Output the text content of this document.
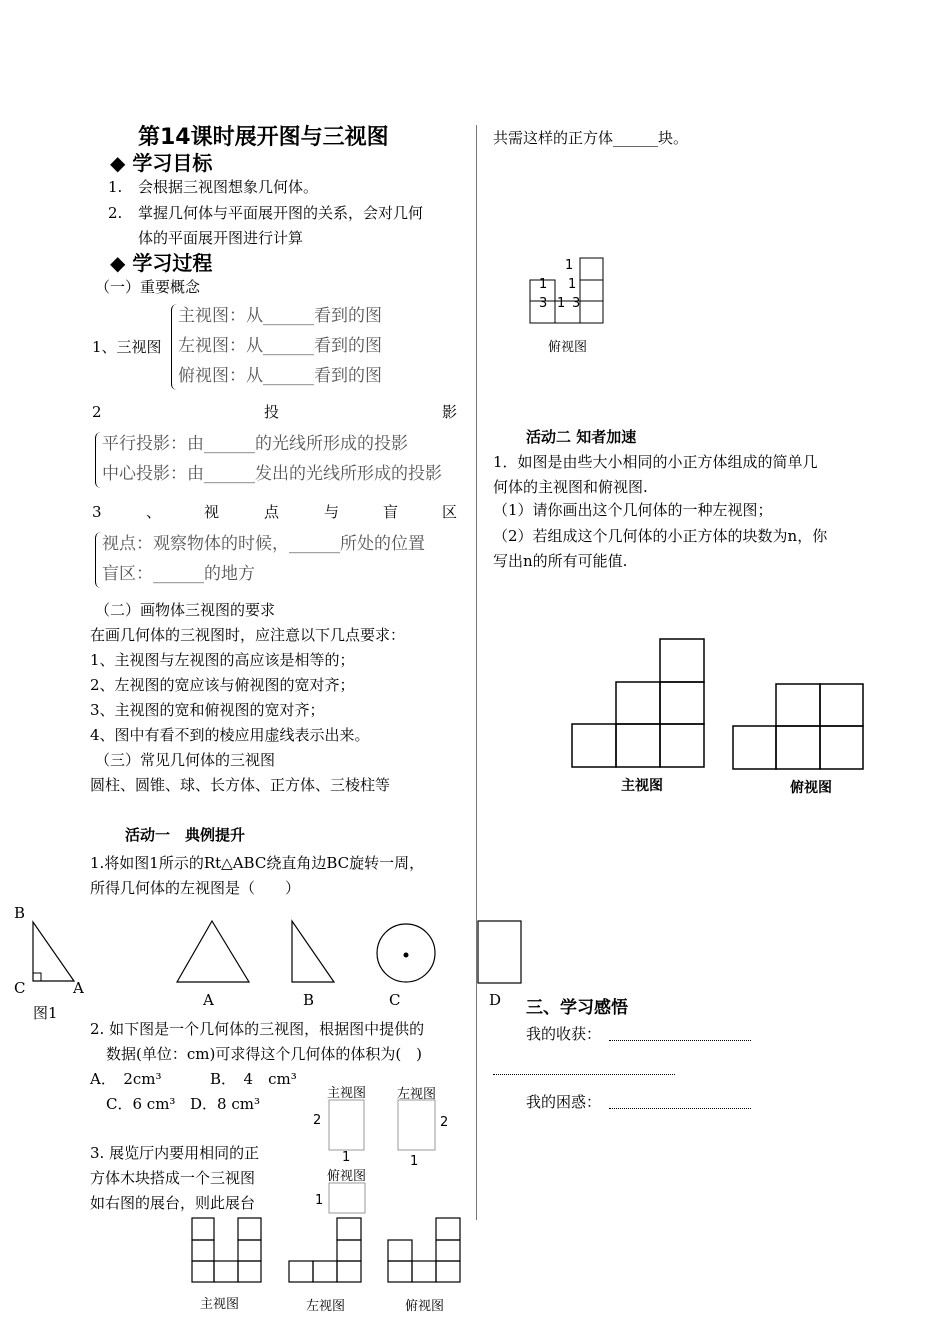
第14课时展开图与三视图
◆ 学习目标
1. 会根据三视图想象几何体。
2. 掌握几何体与平面展开图的关系，会对几何
体的平面展开图进行计算
◆ 学习过程
（一）重要概念
1、三视图
主视图：从______看到的图
左视图：从______看到的图
俯视图：从______看到的图
2	投	影
平行投影：由______的光线所形成的投影
中心投影：由______发出的光线所形成的投影
3	、	视	点	与	盲	区
视点：观察物体的时候，______所处的位置
盲区：______的地方
（二）画物体三视图的要求
在画几何体的三视图时，应注意以下几点要求：
1、主视图与左视图的高应该是相等的；
2、左视图的宽应该与俯视图的宽对齐；
3、主视图的宽和俯视图的宽对齐；
4、图中有看不到的棱应用虚线表示出来。
（三）常见几何体的三视图
圆柱、圆锥、球、长方体、正方体、三棱柱等
活动一　典例提升
1.将如图1所示的Rt△ABC绕直角边BC旋转一周，
所得几何体的左视图是（　　）
B
C	A
图1
A	B	C	D
2. 如下图是一个几何体的三视图，根据图中提供的
数据(单位：cm)可求得这个几何体的体积为(　)
A．　2cm³	B．　4　cm³
C．6 cm³ D．8 cm³
主视图 左视图
2	2
1	1
俯视图
1
3. 展览厅内要用相同的正
方体木块搭成一个三视图
如右图的展台，则此展台
主视图	左视图	俯视图
共需这样的正方体______块。
1
1 1
3 1 3
俯视图
活动二 知者加速
1．如图是由些大小相同的小正方体组成的简单几
何体的主视图和俯视图.
（1）请你画出这个几何体的一种左视图；
（2）若组成这个几何体的小正方体的块数为n，你
写出n的所有可能值.
主视图	俯视图
三、学习感悟
我的收获：
我的困惑：
